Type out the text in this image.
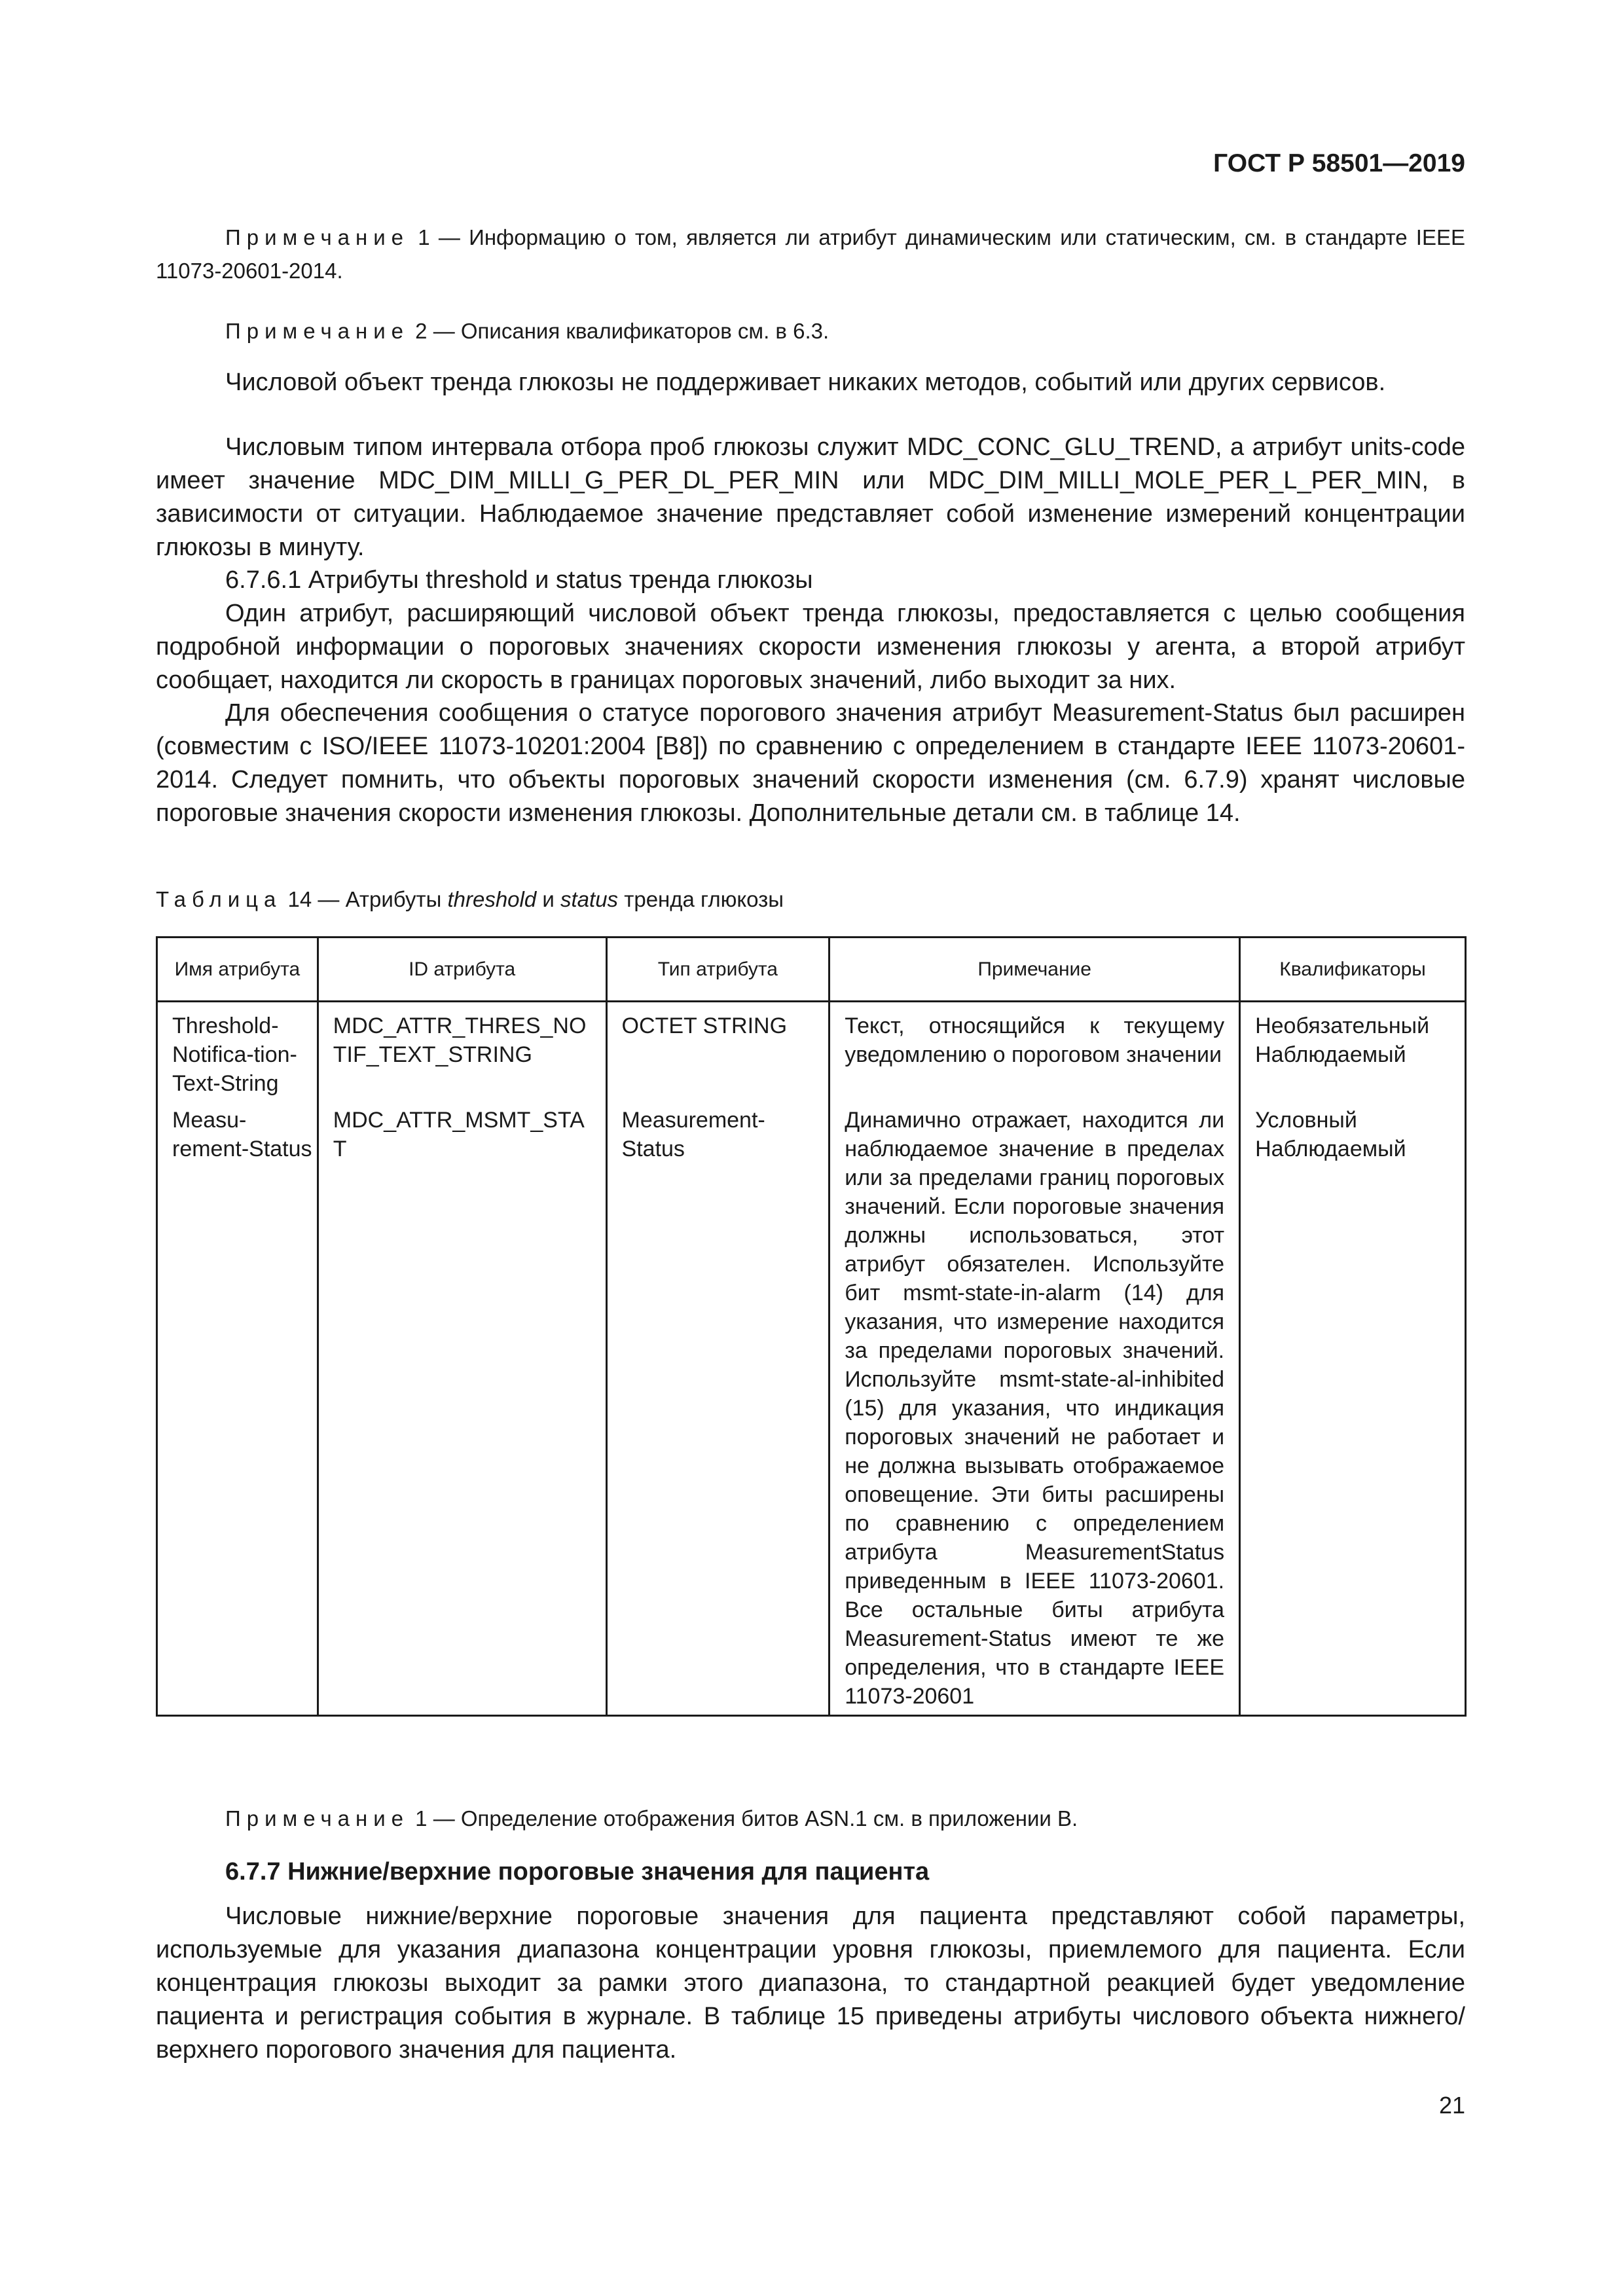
ГОСТ Р 58501—2019
Примечание 1 — Информацию о том, является ли атрибут динамическим или статическим, см. в стандарте IEEE 11073-20601-2014.
Примечание 2 — Описания квалификаторов см. в 6.3.
Числовой объект тренда глюкозы не поддерживает никаких методов, событий или других сервисов.
Числовым типом интервала отбора проб глюкозы служит MDC_CONC_GLU_TREND, а атрибут units-code имеет значение MDC_DIM_MILLI_G_PER_DL_PER_MIN или MDC_DIM_MILLI_MOLE_PER_L_PER_MIN, в зависимости от ситуации. Наблюдаемое значение представляет собой изменение измерений концентрации глюкозы в минуту.
6.7.6.1 Атрибуты threshold и status тренда глюкозы
Один атрибут, расширяющий числовой объект тренда глюкозы, предоставляется с целью сообщения подробной информации о пороговых значениях скорости изменения глюкозы у агента, а второй атрибут сообщает, находится ли скорость в границах пороговых значений, либо выходит за них.
Для обеспечения сообщения о статусе порогового значения атрибут Measurement-Status был расширен (совместим с ISO/IEEE 11073-10201:2004 [B8]) по сравнению с определением в стандарте IEEE 11073-20601-2014. Следует помнить, что объекты пороговых значений скорости изменения (см. 6.7.9) хранят числовые пороговые значения скорости изменения глюкозы. Дополнительные детали см. в таблице 14.
Таблица 14 — Атрибуты threshold и status тренда глюкозы
Имя атрибута	ID атрибута	Тип атрибута	Примечание	Квалификаторы
Threshold-Notifica-tion-Text-String	MDC_ATTR_THRES_NOTIF_TEXT_STRING	OCTET STRING	Текст, относящийся к текущему уведомлению о пороговом значении	Необязательный Наблюдаемый
Measu-rement-Status	MDC_ATTR_MSMT_STAT	Measurement-Status	Динамично отражает, находится ли наблюдаемое значение в пределах или за пределами границ пороговых значений. Если пороговые значения должны использоваться, этот атрибут обязателен. Используйте бит msmt-state-in-alarm (14) для указания, что измерение находится за пределами пороговых значений. Используйте msmt-state-al-inhibited (15) для указания, что индикация пороговых значений не работает и не должна вызывать отображаемое оповещение. Эти биты расширены по сравнению с определением атрибута MeasurementStatus приведенным в IEEE 11073-20601. Все остальные биты атрибута Measurement-Status имеют те же определения, что в стандарте IEEE 11073-20601	Условный Наблюдаемый
Примечание 1 — Определение отображения битов ASN.1 см. в приложении В.
6.7.7 Нижние/верхние пороговые значения для пациента
Числовые нижние/верхние пороговые значения для пациента представляют собой параметры, используемые для указания диапазона концентрации уровня глюкозы, приемлемого для пациента. Если концентрация глюкозы выходит за рамки этого диапазона, то стандартной реакцией будет уведомление пациента и регистрация события в журнале. В таблице 15 приведены атрибуты числового объекта нижнего/верхнего порогового значения для пациента.
21
